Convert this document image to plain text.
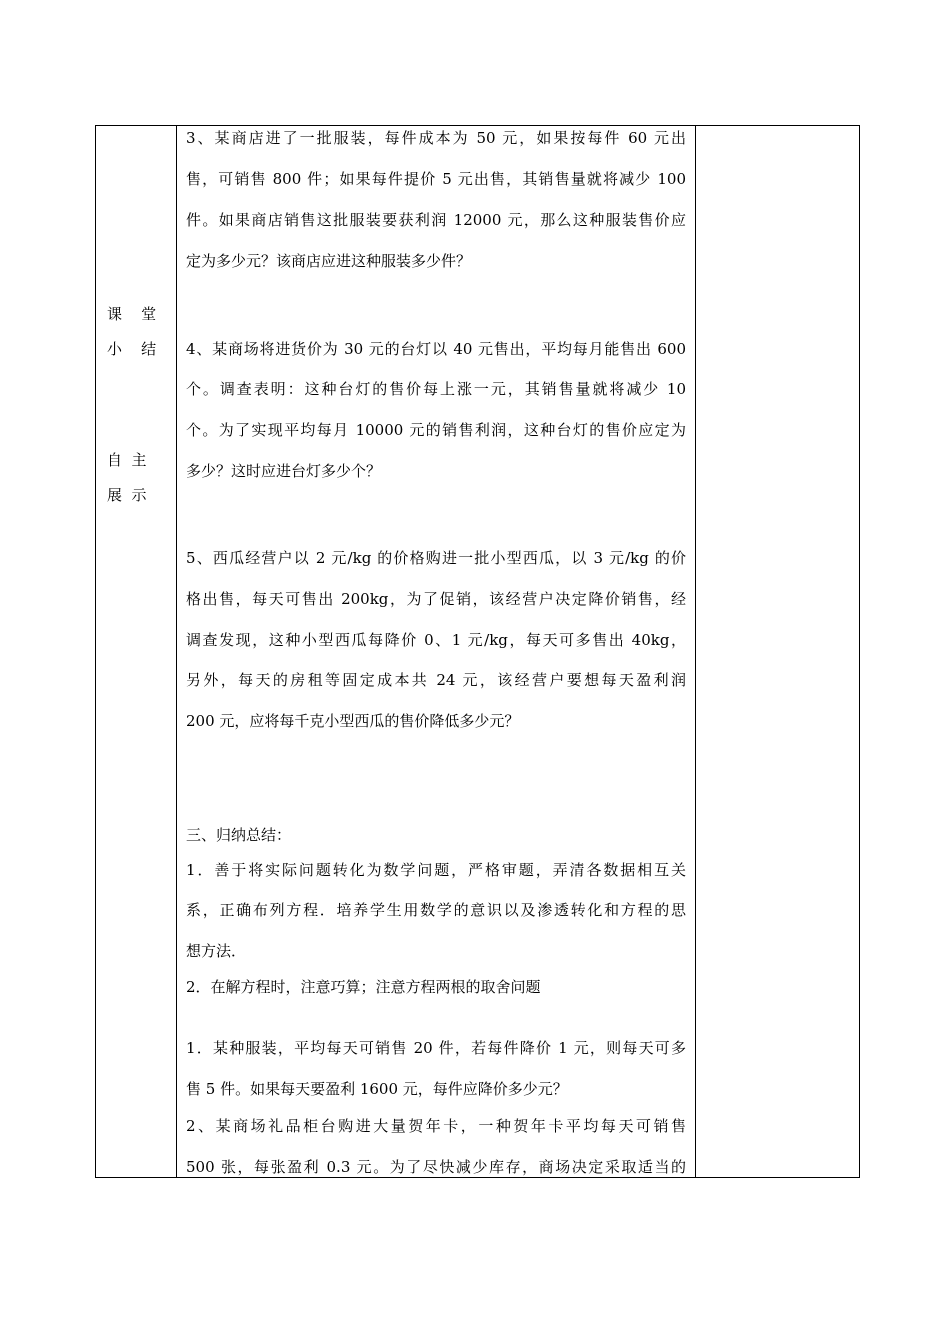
课    堂
小    结
自  主
展  示
3、某商店进了一批服装，每件成本为 50 元，如果按每件 60 元出
售，可销售 800 件；如果每件提价 5 元出售，其销售量就将减少 100
件。如果商店销售这批服装要获利润 12000 元，那么这种服装售价应
定为多少元？该商店应进这种服装多少件？
4、某商场将进货价为 30 元的台灯以 40 元售出，平均每月能售出 600
个。调查表明：这种台灯的售价每上涨一元，其销售量就将减少 10
个。为了实现平均每月 10000 元的销售利润，这种台灯的售价应定为
多少？这时应进台灯多少个？
5、西瓜经营户以 2 元/kg 的价格购进一批小型西瓜，以 3 元/kg 的价
格出售，每天可售出 200kg，为了促销，该经营户决定降价销售，经
调查发现，这种小型西瓜每降价 0、1 元/kg，每天可多售出 40kg，
另外，每天的房租等固定成本共 24 元，该经营户要想每天盈利润
200 元，应将每千克小型西瓜的售价降低多少元？
三、归纳总结：
1．善于将实际问题转化为数学问题，严格审题，弄清各数据相互关
系，正确布列方程．培养学生用数学的意识以及渗透转化和方程的思
想方法．
2．在解方程时，注意巧算；注意方程两根的取舍问题
1．某种服装，平均每天可销售 20 件，若每件降价 1 元，则每天可多
售 5 件。如果每天要盈利 1600 元，每件应降价多少元？
2、某商场礼品柜台购进大量贺年卡，一种贺年卡平均每天可销售
500 张，每张盈利 0.3 元。为了尽快减少库存，商场决定采取适当的
